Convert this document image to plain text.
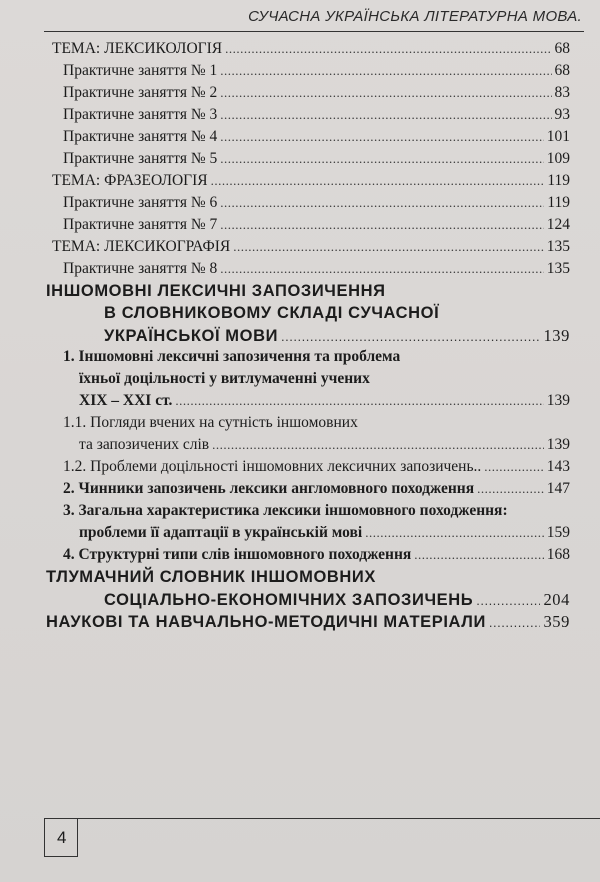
СУЧАСНА УКРАЇНСЬКА ЛІТЕРАТУРНА МОВА.
ТЕМА: ЛЕКСИКОЛОГІЯ .....	68
Практичне заняття № 1 .....	68
Практичне заняття № 2 .....	83
Практичне заняття № 3 .....	93
Практичне заняття № 4 .....	101
Практичне заняття № 5 .....	109
ТЕМА: ФРАЗЕОЛОГІЯ .....	119
Практичне заняття № 6 .....	119
Практичне заняття № 7 .....	124
ТЕМА: ЛЕКСИКОГРАФІЯ .....	135
Практичне заняття № 8 .....	135
ІНШОМОВНІ ЛЕКСИЧНІ ЗАПОЗИЧЕННЯ
В СЛОВНИКОВОМУ СКЛАДІ СУЧАСНОЇ
УКРАЇНСЬКОЇ МОВИ .....	139
1. Іншомовні лексичні запозичення та проблема
їхньої доцільності у витлумаченні учених
XIX – XXI ст. .....	139
1.1. Погляди вчених на сутність іншомовних
та запозичених слів .....	139
1.2. Проблеми доцільності іншомовних лексичних запозичень.. .....	143
2. Чинники запозичень лексики англомовного походження .....	147
3. Загальна характеристика лексики іншомовного походження:
проблеми її адаптації в українській мові .....	159
4. Структурні типи слів іншомовного походження .....	168
ТЛУМАЧНИЙ СЛОВНИК ІНШОМОВНИХ
СОЦІАЛЬНО-ЕКОНОМІЧНИХ ЗАПОЗИЧЕНЬ .....	204
НАУКОВІ ТА НАВЧАЛЬНО-МЕТОДИЧНІ МАТЕРІАЛИ .....	359
4
